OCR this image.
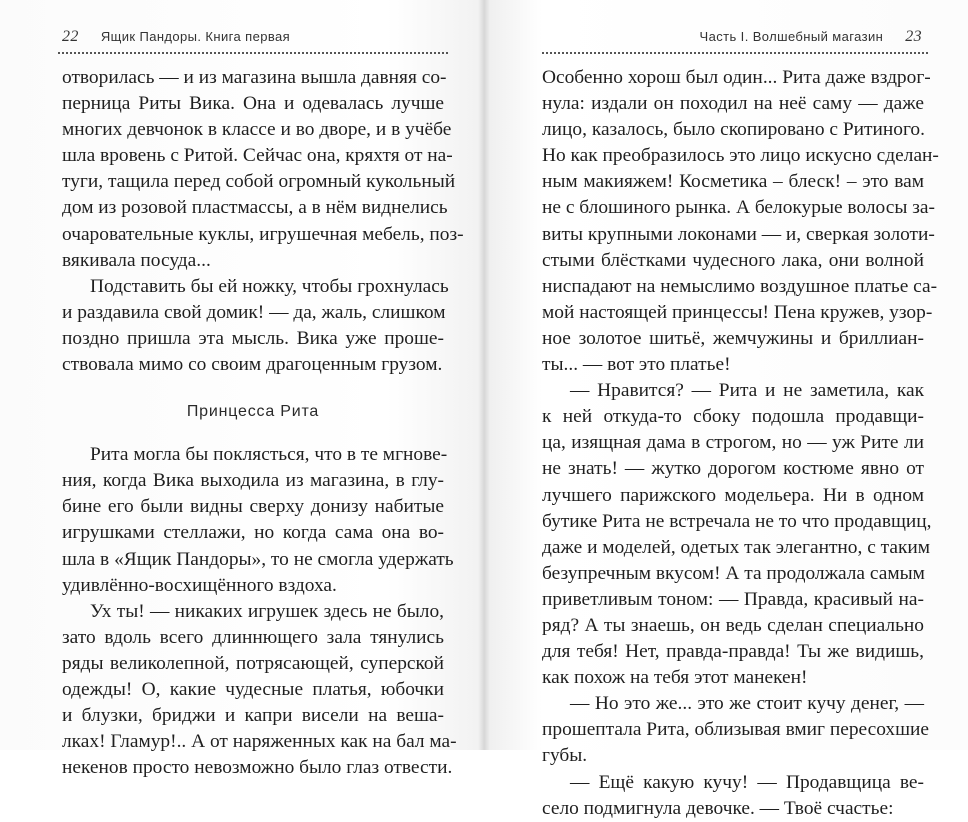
22 Ящик Пандоры. Книга первая
отворилась — и из магазина вышла давняя со-
перница Риты Вика. Она и одевалась лучше
многих девчонок в классе и во дворе, и в учёбе
шла вровень с Ритой. Сейчас она, кряхтя от на-
туги, тащила перед собой огромный кукольный
дом из розовой пластмассы, а в нём виднелись
очаровательные куклы, игрушечная мебель, поз-
вякивала посуда...
Подставить бы ей ножку, чтобы грохнулась
и раздавила свой домик! — да, жаль, слишком
поздно пришла эта мысль. Вика уже проше-
ствовала мимо со своим драгоценным грузом.
Принцесса Рита
Рита могла бы поклясться, что в те мгнове-
ния, когда Вика выходила из магазина, в глу-
бине его были видны сверху донизу набитые
игрушками стеллажи, но когда сама она во-
шла в «Ящик Пандоры», то не смогла удержать
удивлённо-восхищённого вздоха.
Ух ты! — никаких игрушек здесь не было,
зато вдоль всего длиннющего зала тянулись
ряды великолепной, потрясающей, суперской
одежды! О, какие чудесные платья, юбочки
и блузки, бриджи и капри висели на веша-
лках! Гламур!.. А от наряженных как на бал ма-
некенов просто невозможно было глаз отвести.
Часть I. Волшебный магазин 23
Особенно хорош был один... Рита даже вздрог-
нула: издали он походил на неё саму — даже
лицо, казалось, было скопировано с Ритиного.
Но как преобразилось это лицо искусно сделан-
ным макияжем! Косметика – блеск! – это вам
не с блошиного рынка. А белокурые волосы за-
виты крупными локонами — и, сверкая золоти-
стыми блёстками чудесного лака, они волной
ниспадают на немыслимо воздушное платье са-
мой настоящей принцессы! Пена кружев, узор-
ное золотое шитьё, жемчужины и бриллиан-
ты... — вот это платье!
— Нравится? — Рита и не заметила, как
к ней откуда-то сбоку подошла продавщи-
ца, изящная дама в строгом, но — уж Рите ли
не знать! — жутко дорогом костюме явно от
лучшего парижского модельера. Ни в одном
бутике Рита не встречала не то что продавщиц,
даже и моделей, одетых так элегантно, с таким
безупречным вкусом! А та продолжала самым
приветливым тоном: — Правда, красивый на-
ряд? А ты знаешь, он ведь сделан специально
для тебя! Нет, правда-правда! Ты же видишь,
как похож на тебя этот манекен!
— Но это же... это же стоит кучу денег, —
прошептала Рита, облизывая вмиг пересохшие
губы.
— Ещё какую кучу! — Продавщица ве-
село подмигнула девочке. — Твоё счастье:
